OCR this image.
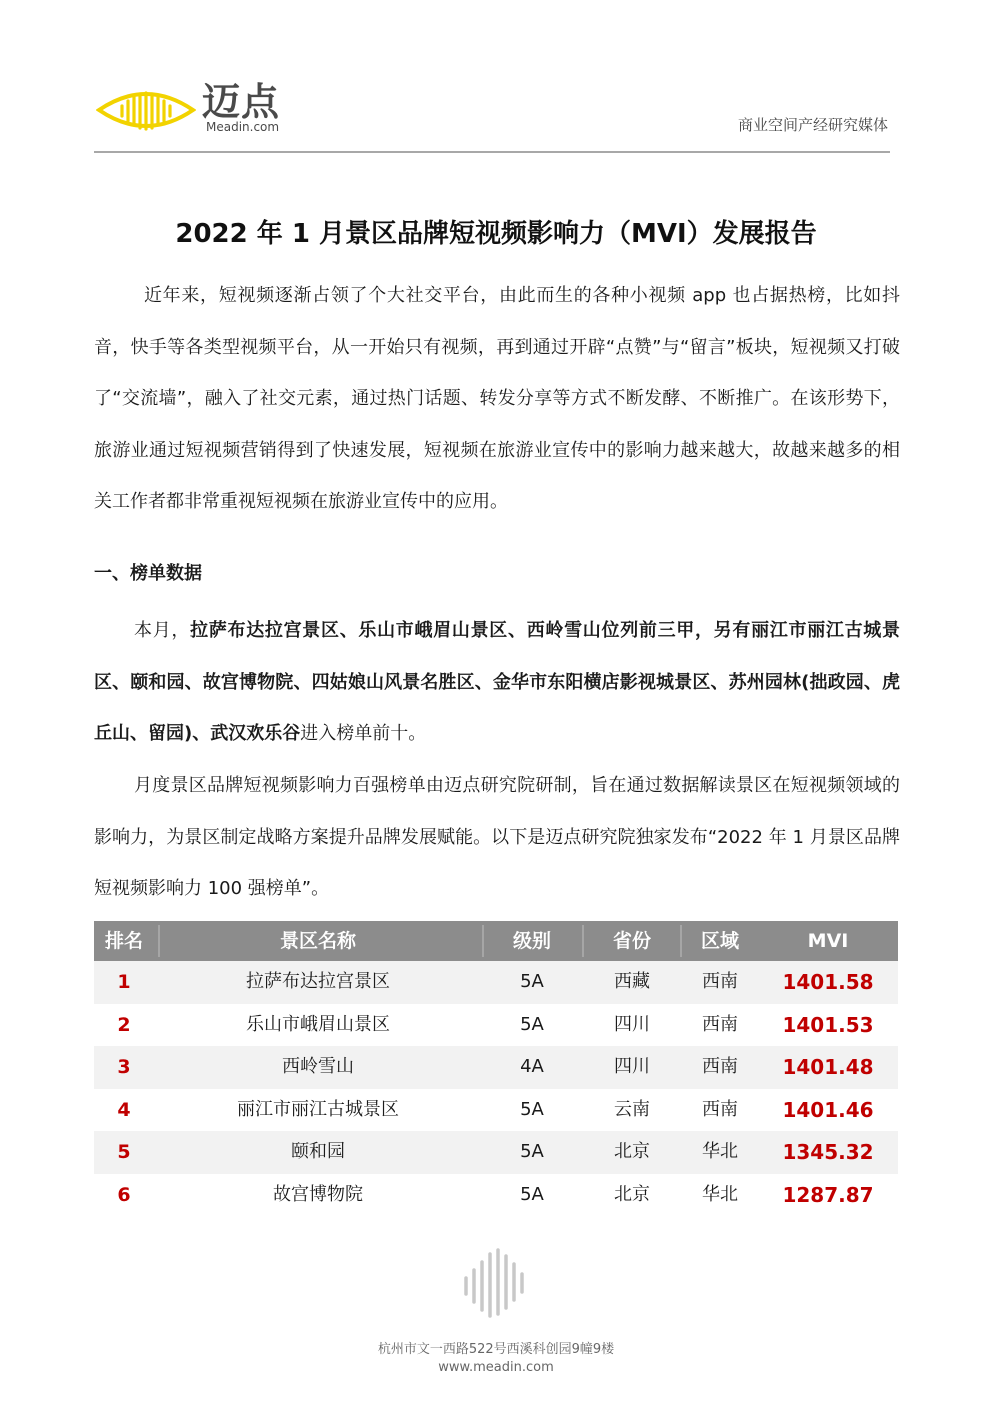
迈点
Meadin.com	商业空间产经研究媒体
2022 年 1 月景区品牌短视频影响力（MVI）发展报告

近年来，短视频逐渐占领了个大社交平台，由此而生的各种小视频 app 也占据热榜，比如抖音，快手等各类型视频平台，从一开始只有视频，再到通过开辟“点赞”与“留言”板块，短视频又打破了“交流墙”，融入了社交元素，通过热门话题、转发分享等方式不断发酵、不断推广。在该形势下，旅游业通过短视频营销得到了快速发展，短视频在旅游业宣传中的影响力越来越大，故越来越多的相关工作者都非常重视短视频在旅游业宣传中的应用。

一、榜单数据

本月，拉萨布达拉宫景区、乐山市峨眉山景区、西岭雪山位列前三甲，另有丽江市丽江古城景区、颐和园、故宫博物院、四姑娘山风景名胜区、金华市东阳横店影视城景区、苏州园林(拙政园、虎丘山、留园)、武汉欢乐谷进入榜单前十。

月度景区品牌短视频影响力百强榜单由迈点研究院研制，旨在通过数据解读景区在短视频领域的影响力，为景区制定战略方案提升品牌发展赋能。以下是迈点研究院独家发布“2022 年 1 月景区品牌短视频影响力 100 强榜单”。

排名	景区名称	级别	省份	区域	MVI
1	拉萨布达拉宫景区	5A	西藏	西南	1401.58
2	乐山市峨眉山景区	5A	四川	西南	1401.53
3	西岭雪山	4A	四川	西南	1401.48
4	丽江市丽江古城景区	5A	云南	西南	1401.46
5	颐和园	5A	北京	华北	1345.32
6	故宫博物院	5A	北京	华北	1287.87
杭州市文一西路522号西溪科创园9幢9楼
www.meadin.com
